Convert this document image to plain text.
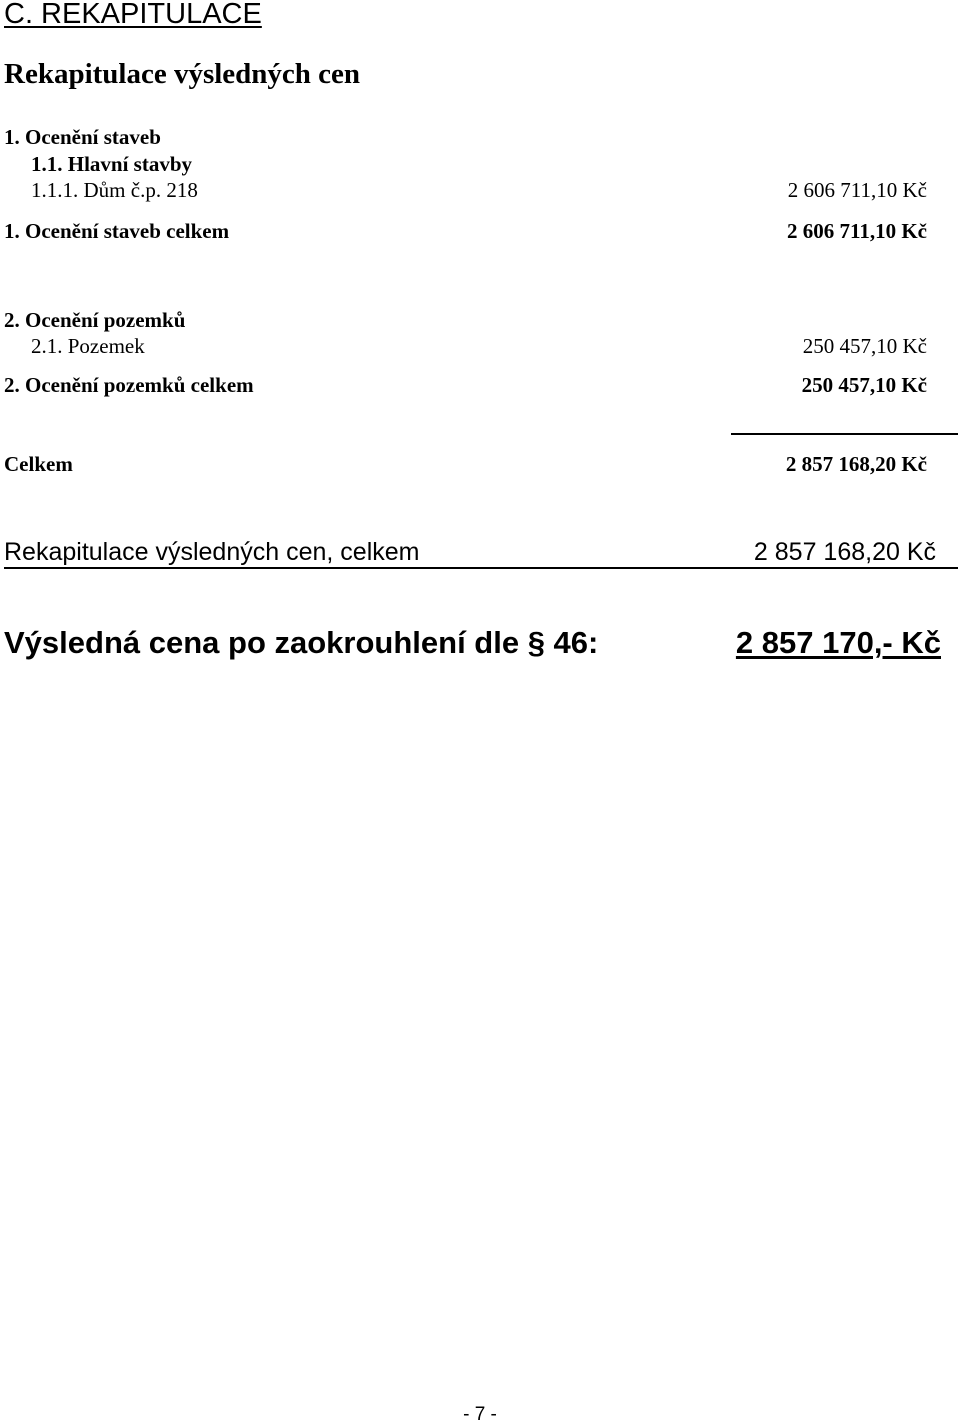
C. REKAPITULACE
Rekapitulace výsledných cen
1. Ocenění staveb
1.1. Hlavní stavby
1.1.1. Dům č.p. 218	2 606 711,10 Kč
1. Ocenění staveb celkem	2 606 711,10 Kč
2. Ocenění pozemků
2.1. Pozemek	250 457,10 Kč
2. Ocenění pozemků celkem	250 457,10 Kč
Celkem	2 857 168,20 Kč
Rekapitulace výsledných cen, celkem	2 857 168,20 Kč
Výsledná cena po zaokrouhlení dle § 46:	2 857 170,- Kč
- 7 -
